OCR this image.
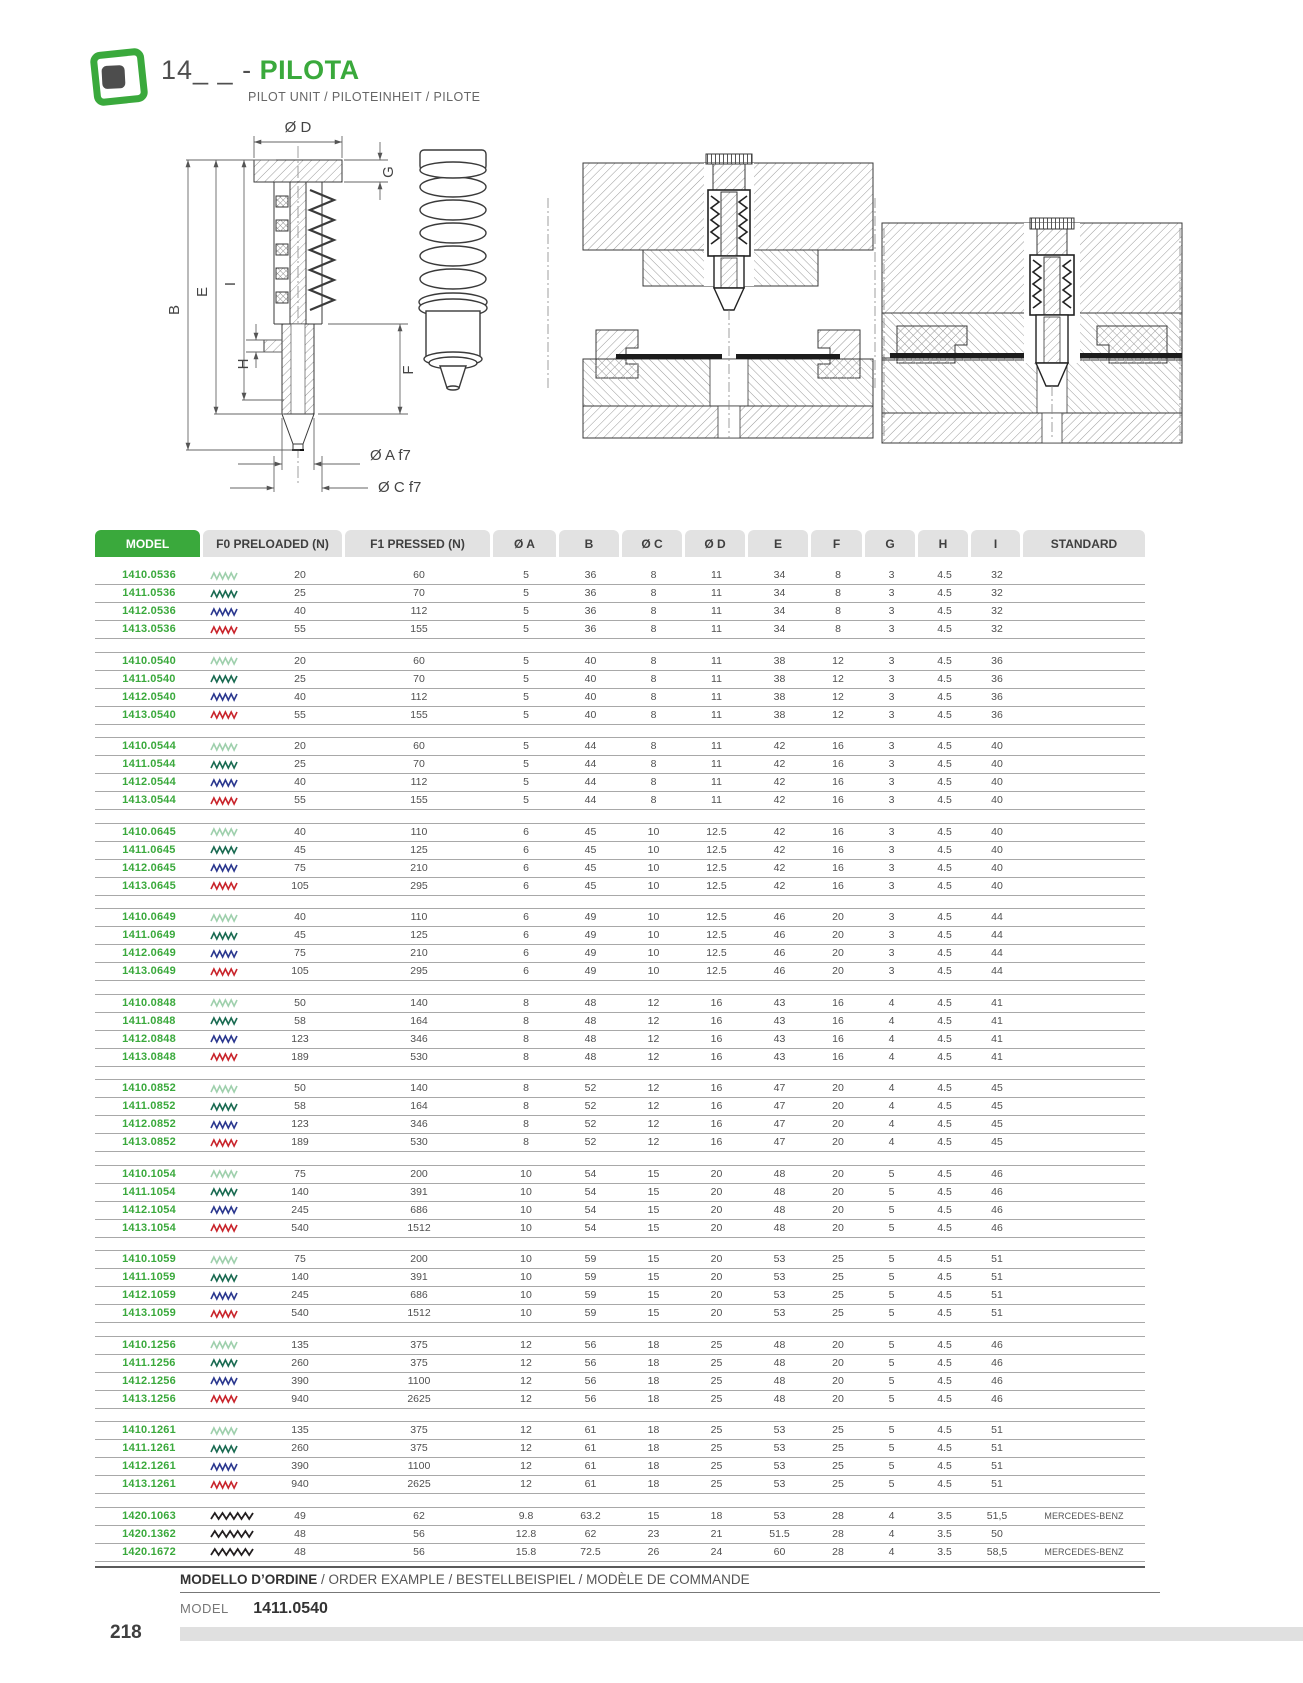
14_ _ - PILOTA
PILOT UNIT / PILOTEINHEIT / PILOTE
B
E
I
H
Ø D
G
F
Ø A f7
Ø C f7
MODEL	F0 PRELOADED (N)	F1 PRESSED (N)	Ø A	B	Ø C	Ø D	E	F	G	H	I	STANDARD
1410.0536	20	60	5	36	8	11	34	8	3	4.5	32
1411.0536	25	70	5	36	8	11	34	8	3	4.5	32
1412.0536	40	112	5	36	8	11	34	8	3	4.5	32
1413.0536	55	155	5	36	8	11	34	8	3	4.5	32
1410.0540	20	60	5	40	8	11	38	12	3	4.5	36
1411.0540	25	70	5	40	8	11	38	12	3	4.5	36
1412.0540	40	112	5	40	8	11	38	12	3	4.5	36
1413.0540	55	155	5	40	8	11	38	12	3	4.5	36
1410.0544	20	60	5	44	8	11	42	16	3	4.5	40
1411.0544	25	70	5	44	8	11	42	16	3	4.5	40
1412.0544	40	112	5	44	8	11	42	16	3	4.5	40
1413.0544	55	155	5	44	8	11	42	16	3	4.5	40
1410.0645	40	110	6	45	10	12.5	42	16	3	4.5	40
1411.0645	45	125	6	45	10	12.5	42	16	3	4.5	40
1412.0645	75	210	6	45	10	12.5	42	16	3	4.5	40
1413.0645	105	295	6	45	10	12.5	42	16	3	4.5	40
1410.0649	40	110	6	49	10	12.5	46	20	3	4.5	44
1411.0649	45	125	6	49	10	12.5	46	20	3	4.5	44
1412.0649	75	210	6	49	10	12.5	46	20	3	4.5	44
1413.0649	105	295	6	49	10	12.5	46	20	3	4.5	44
1410.0848	50	140	8	48	12	16	43	16	4	4.5	41
1411.0848	58	164	8	48	12	16	43	16	4	4.5	41
1412.0848	123	346	8	48	12	16	43	16	4	4.5	41
1413.0848	189	530	8	48	12	16	43	16	4	4.5	41
1410.0852	50	140	8	52	12	16	47	20	4	4.5	45
1411.0852	58	164	8	52	12	16	47	20	4	4.5	45
1412.0852	123	346	8	52	12	16	47	20	4	4.5	45
1413.0852	189	530	8	52	12	16	47	20	4	4.5	45
1410.1054	75	200	10	54	15	20	48	20	5	4.5	46
1411.1054	140	391	10	54	15	20	48	20	5	4.5	46
1412.1054	245	686	10	54	15	20	48	20	5	4.5	46
1413.1054	540	1512	10	54	15	20	48	20	5	4.5	46
1410.1059	75	200	10	59	15	20	53	25	5	4.5	51
1411.1059	140	391	10	59	15	20	53	25	5	4.5	51
1412.1059	245	686	10	59	15	20	53	25	5	4.5	51
1413.1059	540	1512	10	59	15	20	53	25	5	4.5	51
1410.1256	135	375	12	56	18	25	48	20	5	4.5	46
1411.1256	260	375	12	56	18	25	48	20	5	4.5	46
1412.1256	390	1100	12	56	18	25	48	20	5	4.5	46
1413.1256	940	2625	12	56	18	25	48	20	5	4.5	46
1410.1261	135	375	12	61	18	25	53	25	5	4.5	51
1411.1261	260	375	12	61	18	25	53	25	5	4.5	51
1412.1261	390	1100	12	61	18	25	53	25	5	4.5	51
1413.1261	940	2625	12	61	18	25	53	25	5	4.5	51
1420.1063	49	62	9.8	63.2	15	18	53	28	4	3.5	51,5	MERCEDES-BENZ
1420.1362	48	56	12.8	62	23	21	51.5	28	4	3.5	50
1420.1672	48	56	15.8	72.5	26	24	60	28	4	3.5	58,5	MERCEDES-BENZ
MODELLO D’ORDINE / ORDER EXAMPLE / BESTELLBEISPIEL / MODÈLE DE COMMANDE
MODEL 1411.0540
218
